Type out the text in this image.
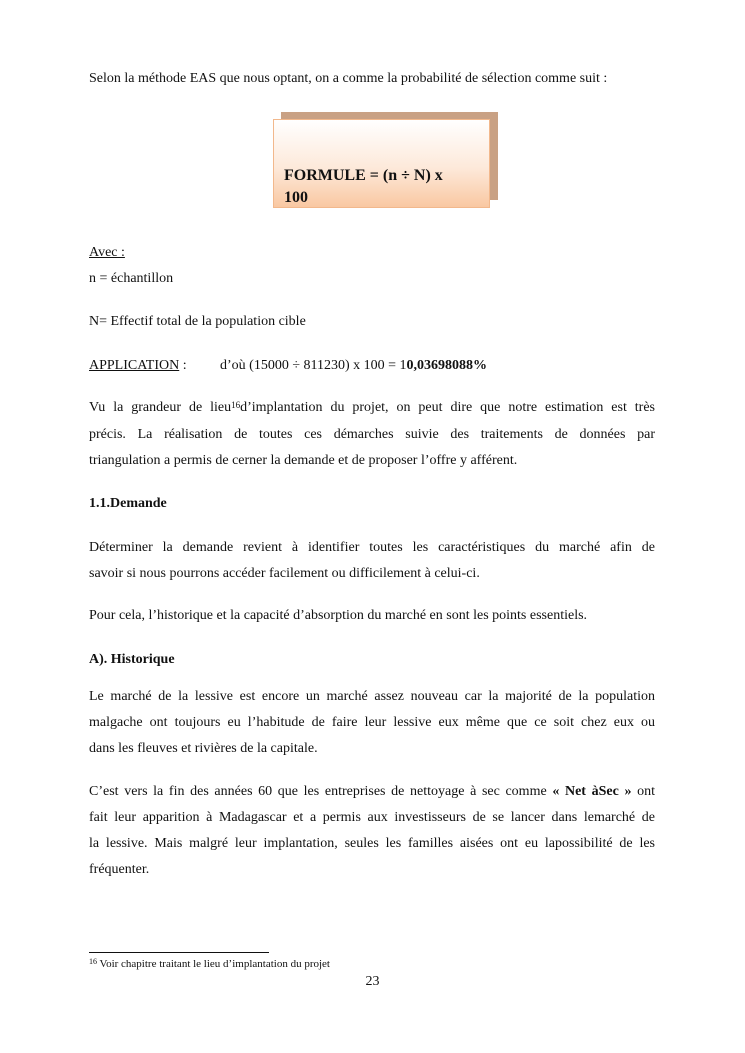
Selon la méthode EAS que nous optant, on a comme la probabilité de sélection comme suit :
FORMULE = (n ÷ N) x
100
Avec :
n = échantillon
N= Effectif total de la population cible
APPLICATION : d’où (15000 ÷ 811230) x 100 = 10,03698088%
Vu la grandeur de lieu$^{16}$d’implantation du projet, on peut dire que notre estimation est très
précis. La réalisation de toutes ces démarches suivie des traitements de données par
triangulation a permis de cerner la demande et de proposer l’offre y afférent.
1.1.Demande
Déterminer la demande revient à identifier toutes les caractéristiques du marché afin de
savoir si nous pourrons accéder facilement ou difficilement à celui-ci.
Pour cela, l’historique et la capacité d’absorption du marché en sont les points essentiels.
A). Historique
Le marché de la lessive est encore un marché assez nouveau car la majorité de la population
malgache ont toujours eu l’habitude de faire leur lessive eux même que ce soit chez eux ou
dans les fleuves et rivières de la capitale.
C’est vers la fin des années 60 que les entreprises de nettoyage à sec comme « Net àSec » ont
fait leur apparition à Madagascar et a permis aux investisseurs de se lancer dans lemarché de
la lessive. Mais malgré leur implantation, seules les familles aisées ont eu lapossibilité de les
fréquenter.
$^{16}$ Voir chapitre traitant le lieu d’implantation du projet
23
